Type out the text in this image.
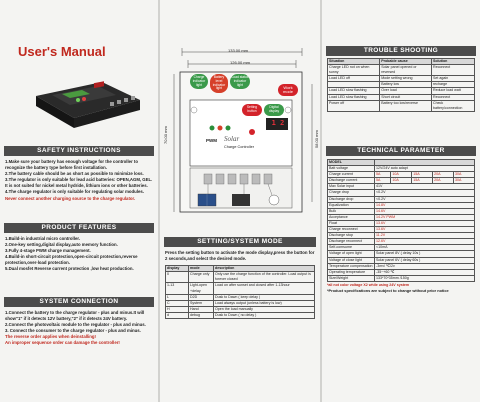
User's Manual
SAFETY INSTRUCTIONS
1.Make sure your battery has enough voltage for the controller to recognize the battery type before first installation.
2.The battery cable should be as short as possible to minimize loss.
3.The regulator is only suitable for lead acid batteries: OPEN,AGM, GEL.
It is not suited for nickel metal hydride, lithium ions or other batteries.
4.The charge regulator is only suitable for regulating solar modules.
Never connect another charging source to the charge regulator.
PRODUCT FEATURES
1.Build-in industrial micro controller.
2.One-key setting,digital display,auto memory function.
3.Fully 4-stage PWM charge management.
4.Build-in short-circuit protection,open-circuit protection,reverse protection,over-load protection.
5.Dual mosfet Reverse current protection ,low heat production.
SYSTEM CONNECTION
1.Connect the battery to the charge regulator - plus and minus.It will show"1" if it detects 12V battery,"2" if it detects 24V battery.
2.Connect the photovoltaic module to the regulator - plus and minus.
3. Connect the consumer to the charge regulator - plus and minus.
The reverse order applies when deinstalling!
An improper sequence order can damage the controller!
133.00 mm
126.00 mm
70.00 mm	58.00 mm
Charge indicator light
Battery level indicator light
Load status indicator light
Work mode
Setting button
Digital display
1 2
PWM Solar
Charge Controller
SETTING/SYSTEM MODE
Press the setting button to activate the mode display,press the button for 2 seconds,and select the desired mode.
display	mode	description
0	Charge only	Only use the charge function of the controller. Load output is forever closed
1-13	Light-open +delay	Load on after sunset and closed after 1-13hour
L	D2D	Dusk to Dawn ( keep delay )
C	System	Load always output (unless battery is low)
H	Hand	Open the load manually
d	debug	Dusk to Down ( no delay )
TROUBLE SHOOTING
Situation	Probable cause	Solution
Charge LED not on when sunny	Solar panel opened or reversed	Reconnect
Load LED off	Mode setting wrong	Set again
	Battery low	recharge
Load LED slow flashing	Over load	Reduce load watt
Load LED slow flashing	Short circuit	Reconnect
Power off	Battery too low/reverse	Check battery/connection
TECHNICAL PARAMETER
MODEL					
Batt voltage	12V/24V auto adapt				
Charge current	5A	10A	15A	20A	30A
Discharge current	5A	10A	15A	20A	30A
Max Solar input	41V				
Charge drop	<0.2V				
Discharge drop	<0.2V				
Equalization	14.8V				
Bulk	14.6V				
Acceptance	14.2V PWM				
Float	13.6V				
Charge reconnect	13.6V				
Discharge stop	11.2V				
Discharge reconnect	12.6V				
Self-comsume	<10mA				
Voltage of open light	Solar panel 8V ( delay 10s )				
Voltage of close light	Solar panel 6V ( delay 60s )				
Temperature compensation	-3mv/ ℃/2v				
Operating temperature	-35~+60 ℃				
Size/Weight	133*70*35mm /150g				
*all not color voltage X2 while using 24V system
*Product specifications are subject to change without prior notice
